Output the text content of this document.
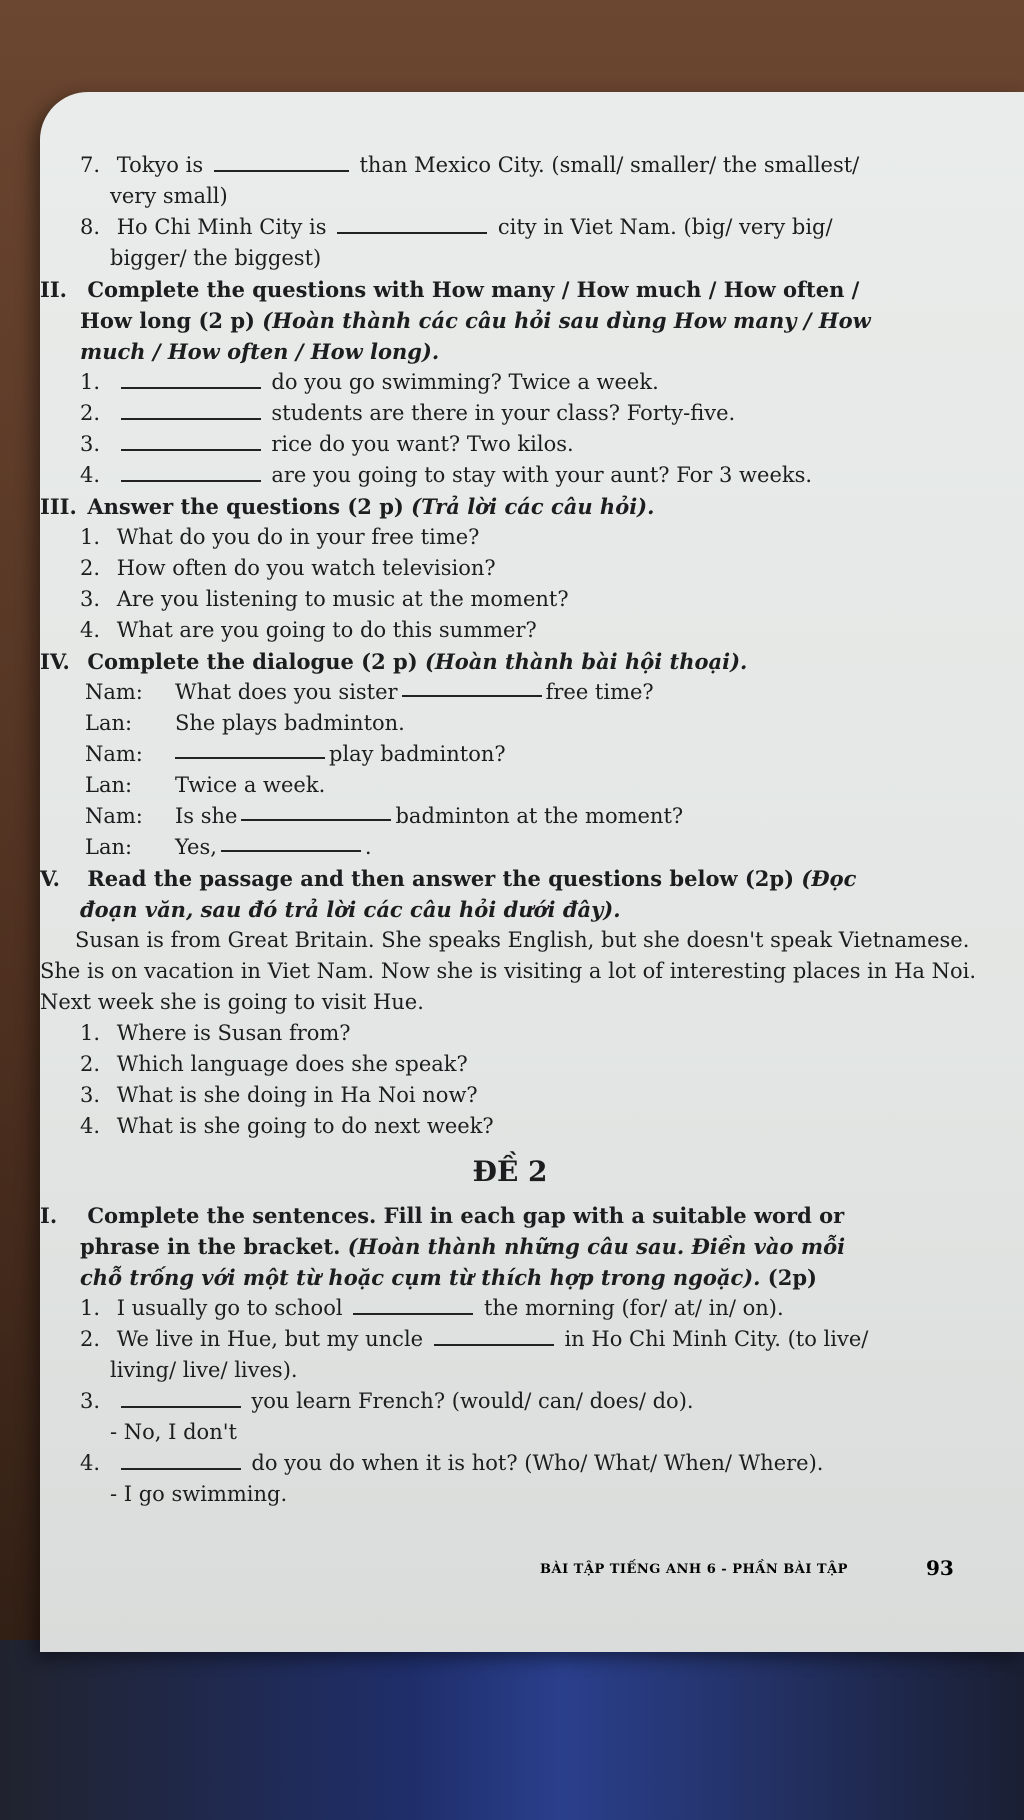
7. Tokyo is	than Mexico City. (small/ smaller/ the smallest/
very small)
8. Ho Chi Minh City is	city in Viet Nam. (big/ very big/
bigger/ the biggest)
II. Complete the questions with How many / How much / How often /
How long (2 p) (Hoàn thành các câu hỏi sau dùng How many / How
much / How often / How long).
1.	do you go swimming? Twice a week.
2.	students are there in your class? Forty-five.
3.	rice do you want? Two kilos.
4.	are you going to stay with your aunt? For 3 weeks.
III. Answer the questions (2 p) (Trả lời các câu hỏi).
1. What do you do in your free time?
2. How often do you watch television?
3. Are you listening to music at the moment?
4. What are you going to do this summer?
IV. Complete the dialogue (2 p) (Hoàn thành bài hội thoại).
Nam:	What does you sister	free time?
Lan:	She plays badminton.
Nam:	play badminton?
Lan:	Twice a week.
Nam:	Is she	badminton at the moment?
Lan:	Yes,	.
V. Read the passage and then answer the questions below (2p) (Đọc
đoạn văn, sau đó trả lời các câu hỏi dưới đây).
Susan is from Great Britain. She speaks English, but she doesn't speak Vietnamese. She is on vacation in Viet Nam. Now she is visiting a lot of interesting places in Ha Noi. Next week she is going to visit Hue.
1. Where is Susan from?
2. Which language does she speak?
3. What is she doing in Ha Noi now?
4. What is she going to do next week?
ĐỀ 2
I. Complete the sentences. Fill in each gap with a suitable word or
phrase in the bracket. (Hoàn thành những câu sau. Điền vào mỗi
chỗ trống với một từ hoặc cụm từ thích hợp trong ngoặc). (2p)
1. I usually go to school	the morning (for/ at/ in/ on).
2. We live in Hue, but my uncle	in Ho Chi Minh City. (to live/
living/ live/ lives).
3.	you learn French? (would/ can/ does/ do).
- No, I don't
4.	do you do when it is hot? (Who/ What/ When/ Where).
- I go swimming.
BÀI TẬP TIẾNG ANH 6 - PHẦN BÀI TẬP	93
